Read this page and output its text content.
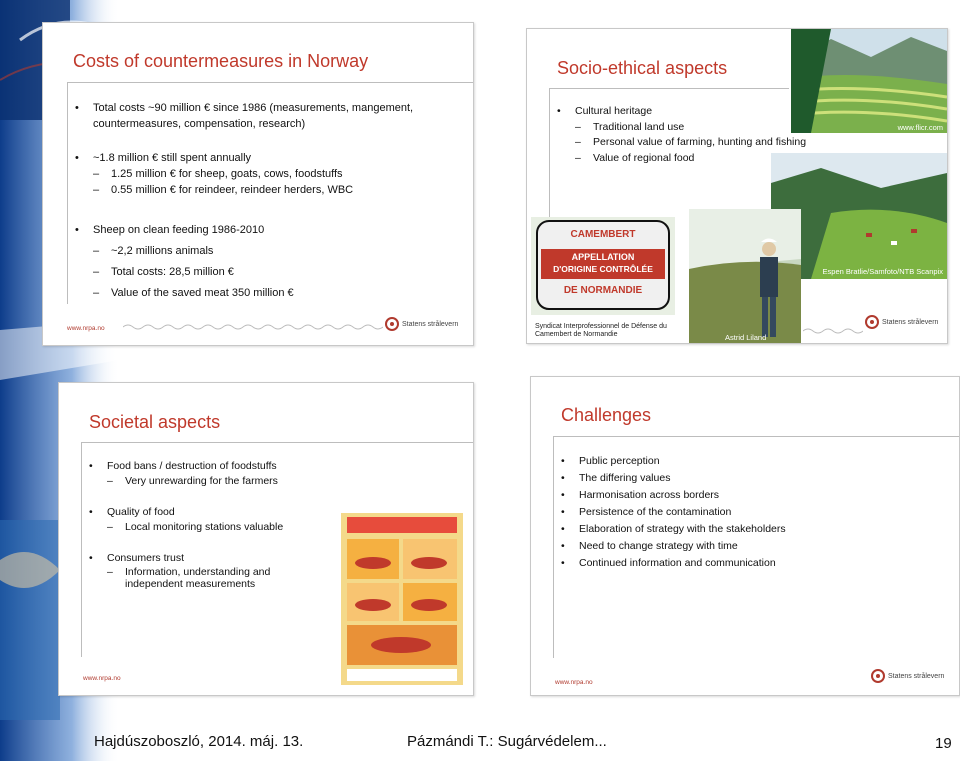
Costs of countermeasures in Norway
• Total costs ~90 million € since 1986 (measurements, mangement, countermeasures, compensation, research)
• ~1.8 million € still spent annually
– 1.25 million € for sheep, goats, cows, foodstuffs
– 0.55 million € for reindeer, reindeer herders, WBC
• Sheep on clean feeding 1986-2010
– ~2,2 millions animals
– Total costs: 28,5 million €
– Value of the saved meat 350 million €
www.nrpa.no
Statens strålevern
Socio-ethical aspects
• Cultural heritage
– Traditional land use
– Personal value of farming, hunting and fishing
– Value of regional food
www.flicr.com
Espen Bratlie/Samfoto/NTB Scanpix
Astrid Liland
CAMEMBERT
APPELLATION
D'ORIGINE CONTRÔLÉE
DE NORMANDIE
Syndicat Interprofessionnel de Défense du Camembert de Normandie
Statens strålevern
Societal aspects
• Food bans / destruction of foodstuffs
– Very unrewarding for the farmers
• Quality of food
– Local monitoring stations valuable
• Consumers trust
– Information, understanding and independent measurements
www.nrpa.no
Challenges
• Public perception
• The differing values
• Harmonisation across borders
• Persistence of the contamination
• Elaboration of strategy with the stakeholders
• Need to change strategy with time
• Continued information and communication
www.nrpa.no
Statens strålevern
Hajdúszoboszló, 2014. máj. 13.	Pázmándi T.: Sugárvédelem...	19
